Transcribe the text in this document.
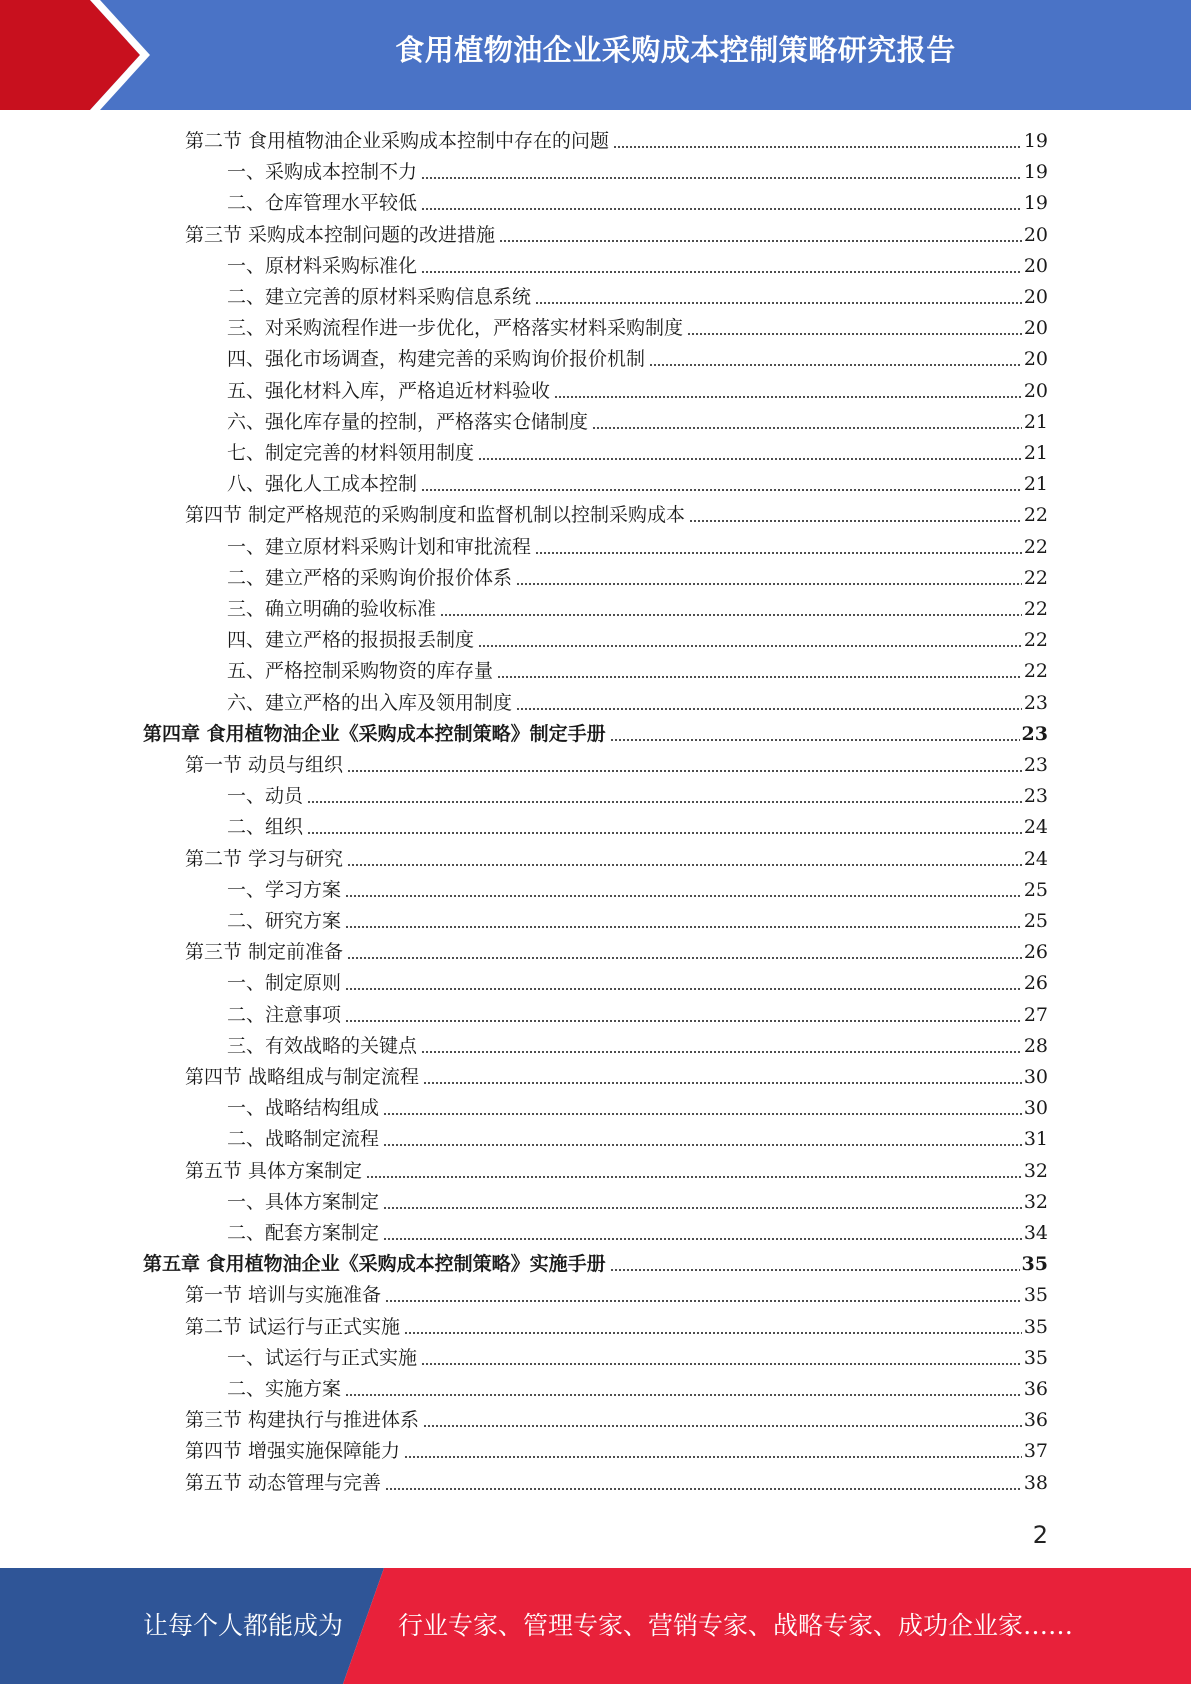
食用植物油企业采购成本控制策略研究报告
第二节 食用植物油企业采购成本控制中存在的问题	19
一、采购成本控制不力	19
二、仓库管理水平较低	19
第三节 采购成本控制问题的改进措施	20
一、原材料采购标准化	20
二、建立完善的原材料采购信息系统	20
三、对采购流程作进一步优化，严格落实材料采购制度	20
四、强化市场调查，构建完善的采购询价报价机制	20
五、强化材料入库，严格追近材料验收	20
六、强化库存量的控制，严格落实仓储制度	21
七、制定完善的材料领用制度	21
八、强化人工成本控制	21
第四节 制定严格规范的采购制度和监督机制以控制采购成本	22
一、建立原材料采购计划和审批流程	22
二、建立严格的采购询价报价体系	22
三、确立明确的验收标准	22
四、建立严格的报损报丢制度	22
五、严格控制采购物资的库存量	22
六、建立严格的出入库及领用制度	23
第四章 食用植物油企业《采购成本控制策略》制定手册	23
第一节 动员与组织	23
一、动员	23
二、组织	24
第二节 学习与研究	24
一、学习方案	25
二、研究方案	25
第三节 制定前准备	26
一、制定原则	26
二、注意事项	27
三、有效战略的关键点	28
第四节 战略组成与制定流程	30
一、战略结构组成	30
二、战略制定流程	31
第五节 具体方案制定	32
一、具体方案制定	32
二、配套方案制定	34
第五章 食用植物油企业《采购成本控制策略》实施手册	35
第一节 培训与实施准备	35
第二节 试运行与正式实施	35
一、试运行与正式实施	35
二、实施方案	36
第三节 构建执行与推进体系	36
第四节 增强实施保障能力	37
第五节 动态管理与完善	38
2
让每个人都能成为 行业专家、管理专家、营销专家、战略专家、成功企业家……
